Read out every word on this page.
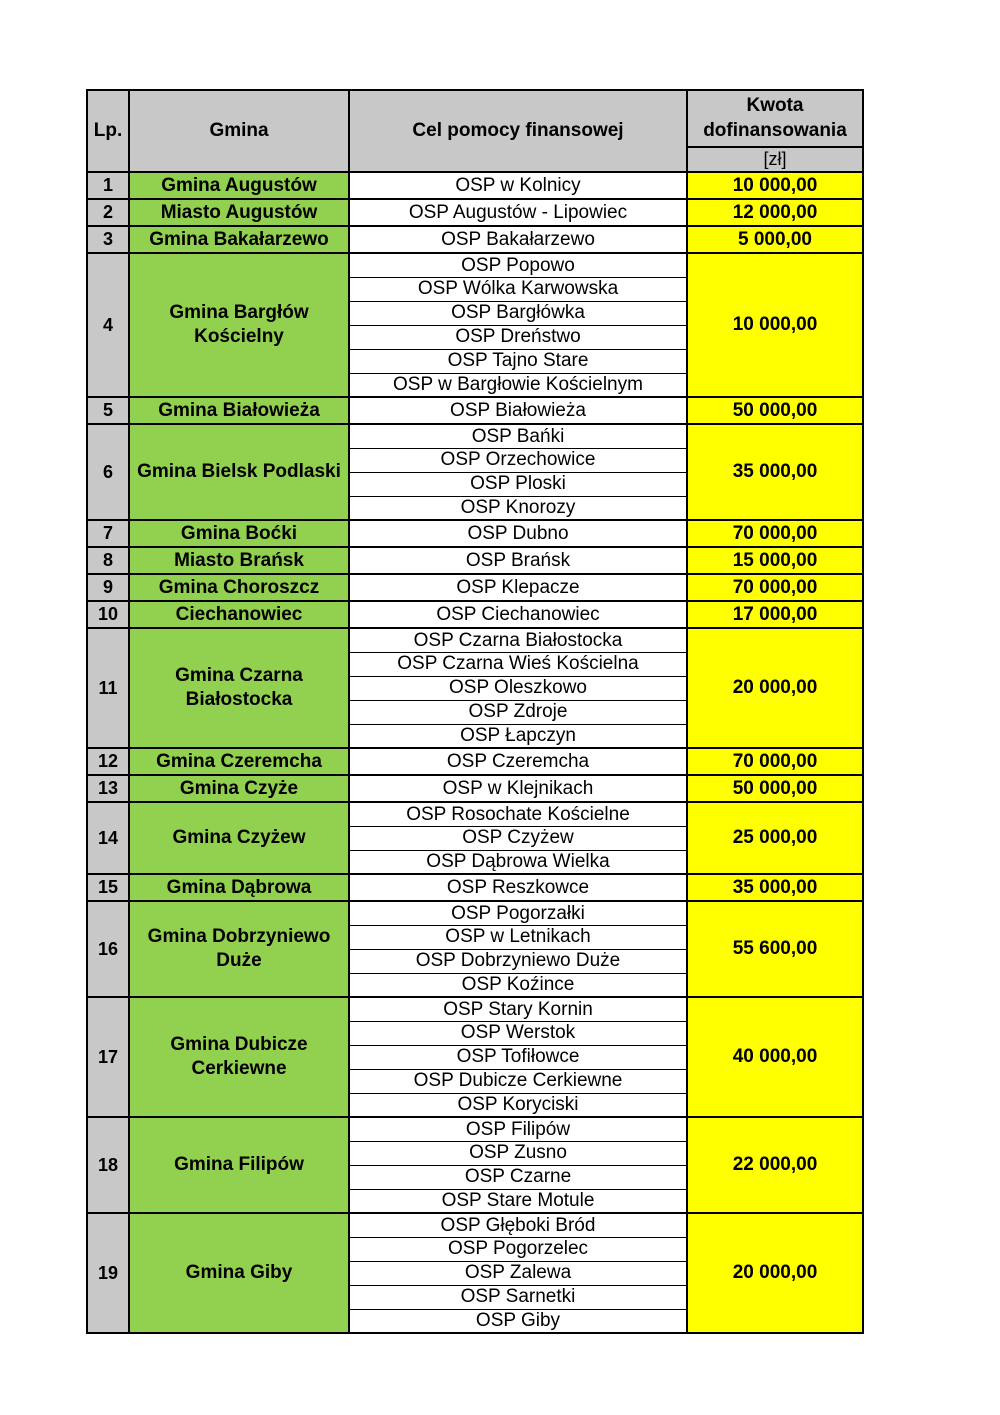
Lp.	Gmina	Cel pomocy finansowej	Kwota dofinansowania
			[zł]
1	Gmina Augustów	OSP w Kolnicy	10 000,00
2	Miasto Augustów	OSP Augustów - Lipowiec	12 000,00
3	Gmina Bakałarzewo	OSP Bakałarzewo	5 000,00
4	Gmina Bargłów Kościelny	OSP Popowo	10 000,00
		OSP Wólka Karwowska	
		OSP Bargłówka	
		OSP Dreństwo	
		OSP Tajno Stare	
		OSP w Bargłowie Kościelnym	
5	Gmina Białowieża	OSP Białowieża	50 000,00
6	Gmina Bielsk Podlaski	OSP Bańki	35 000,00
		OSP Orzechowice	
		OSP Ploski	
		OSP Knorozy	
7	Gmina Boćki	OSP Dubno	70 000,00
8	Miasto Brańsk	OSP Brańsk	15 000,00
9	Gmina Choroszcz	OSP Klepacze	70 000,00
10	Ciechanowiec	OSP Ciechanowiec	17 000,00
11	Gmina Czarna Białostocka	OSP Czarna Białostocka	20 000,00
		OSP Czarna Wieś Kościelna	
		OSP Oleszkowo	
		OSP Zdroje	
		OSP Łapczyn	
12	Gmina Czeremcha	OSP Czeremcha	70 000,00
13	Gmina Czyże	OSP w Klejnikach	50 000,00
14	Gmina Czyżew	OSP Rosochate Kościelne	25 000,00
		OSP Czyżew	
		OSP Dąbrowa Wielka	
15	Gmina Dąbrowa	OSP Reszkowce	35 000,00
16	Gmina Dobrzyniewo Duże	OSP Pogorzałki	55 600,00
		OSP w Letnikach	
		OSP Dobrzyniewo Duże	
		OSP Koźince	
17	Gmina Dubicze Cerkiewne	OSP Stary Kornin	40 000,00
		OSP Werstok	
		OSP Tofiłowce	
		OSP Dubicze Cerkiewne	
		OSP Koryciski	
18	Gmina Filipów	OSP Filipów	22 000,00
		OSP Zusno	
		OSP Czarne	
		OSP Stare Motule	
19	Gmina Giby	OSP Głęboki Bród	20 000,00
		OSP Pogorzelec	
		OSP Zalewa	
		OSP Sarnetki	
		OSP Giby	
